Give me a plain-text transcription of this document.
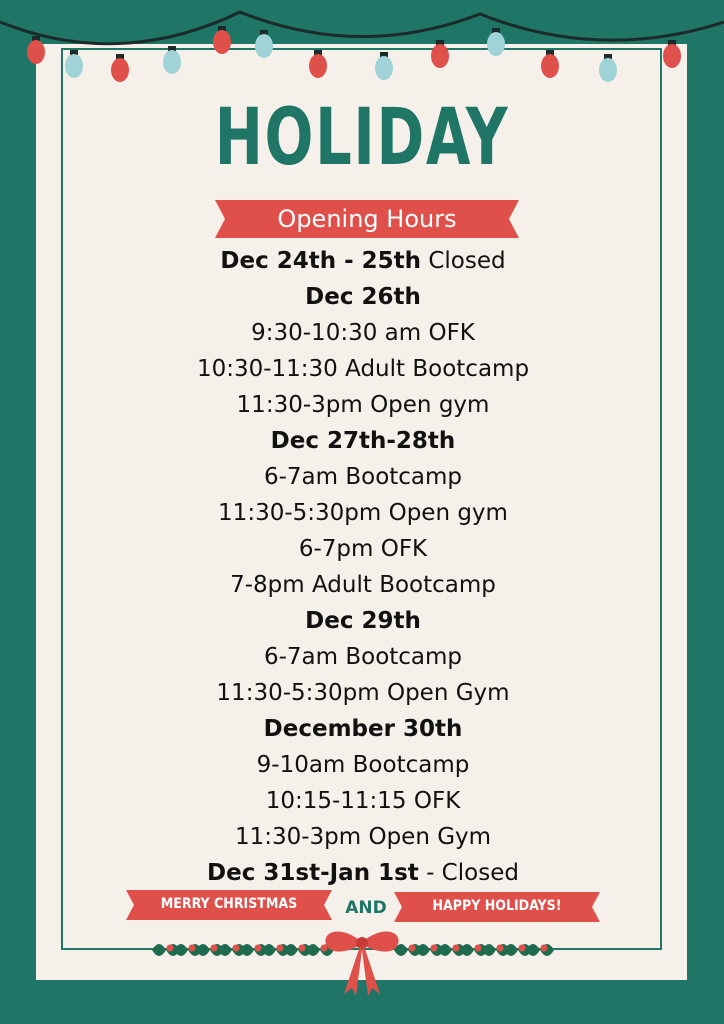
HOLIDAY
Opening Hours
Dec 24th - 25th Closed
Dec 26th
9:30-10:30 am OFK
10:30-11:30 Adult Bootcamp
11:30-3pm Open gym
Dec 27th-28th
6-7am Bootcamp
11:30-5:30pm Open gym
6-7pm OFK
7-8pm Adult Bootcamp
Dec 29th
6-7am Bootcamp
11:30-5:30pm Open Gym
December 30th
9-10am Bootcamp
10:15-11:15 OFK
11:30-3pm Open Gym
Dec 31st-Jan 1st - Closed
MERRY CHRISTMAS	AND	HAPPY HOLIDAYS!
